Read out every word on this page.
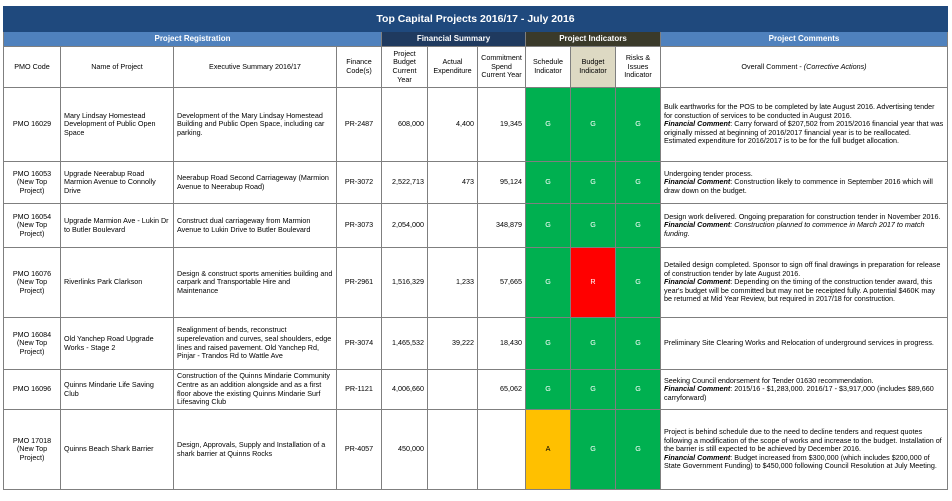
Top Capital Projects 2016/17 - July 2016										
Project Registration				Financial Summary			Project Indicators			Project Comments
PMO Code	Name of Project	Executive Summary 2016/17	Finance Code(s)	Project Budget Current Year	Actual Expenditure	Commitment Spend Current Year	Schedule Indicator	Budget Indicator	Risks & Issues Indicator	Overall Comment - (Corrective Actions)
PMO 16029	Mary Lindsay Homestead Development of Public Open Space	Development of the Mary Lindsay Homestead Building and Public Open Space, including car parking.	PR-2487	608,000	4,400	19,345	G	G	G	Bulk earthworks for the POS to be completed by late August 2016. Advertising tender for constuction of services to be conducted in August 2016.
Financial Comment: Carry forward of $207,502 from 2015/2016 financial year that was originally missed at beginning of 2016/2017 financial year is to be reallocated. Estimated expenditure for 2016/2017 is to be for the full budget allocation.
PMO 16053 (New Top Project)	Upgrade Neerabup Road Marmion Avenue to Connolly Drive	Neerabup Road Second Carriageway (Marmion Avenue to Neerabup Road)	PR-3072	2,522,713	473	95,124	G	G	G	Undergoing tender process.
Financial Comment: Construction likely to commence in September 2016 which will draw down on the budget.
PMO 16054 (New Top Project)	Upgrade Marmion Ave - Lukin Dr to Butler Boulevard	Construct dual carriageway from Marmion Avenue to Lukin Drive to Butler Boulevard	PR-3073	2,054,000		348,879	G	G	G	Design work delivered. Ongoing preparation for construction tender in November 2016.
Financial Comment: Construction planned to commence in March 2017 to match funding.
PMO 16076 (New Top Project)	Riverlinks Park Clarkson	Design & construct sports amenities building and carpark and Transportable Hire and Maintenance	PR-2961	1,516,329	1,233	57,665	G	R	G	Detailed design completed. Sponsor to sign off final drawings in preparation for release of construction tender by late August 2016.
Financial Comment: Depending on the timing of the construction tender award, this year's budget will be committed but may not be receipted fully. A potential $460K may be returned at Mid Year Review, but required in 2017/18 for construction.
PMO 16084 (New Top Project)	Old Yanchep Road Upgrade Works - Stage 2	Realignment of bends, reconstruct superelevation and curves, seal shoulders, edge lines and raised pavement. Old Yanchep Rd, Pinjar - Trandos Rd to Wattle Ave	PR-3074	1,465,532	39,222	18,430	G	G	G	Preliminary Site Clearing Works and Relocation of underground services in progress.
PMO 16096	Quinns Mindarie Life Saving Club	Construction of the Quinns Mindarie Community Centre as an addition alongside and as a first floor above the existing Quinns Mindarie Surf Lifesaving Club	PR-1121	4,006,660		65,062	G	G	G	Seeking Council endorsement for Tender 01630 recommendation.
Financial Comment: 2015/16 - $1,283,000. 2016/17 - $3,917,000 (includes $89,660 carryforward)
PMO 17018 (New Top Project)	Quinns Beach Shark Barrier	Design, Approvals, Supply and Installation of a shark barrier at Quinns Rocks	PR-4057	450,000			A	G	G	Project is behind schedule due to the need to decline tenders and request quotes following a modification of the scope of works and increase to the budget. Installation of the barrier is still expected to be achieved by December 2016.
Financial Comment: Budget increased from $300,000 (which includes $200,000 of State Government Funding) to $450,000 following Council Resolution at July Meeting.
